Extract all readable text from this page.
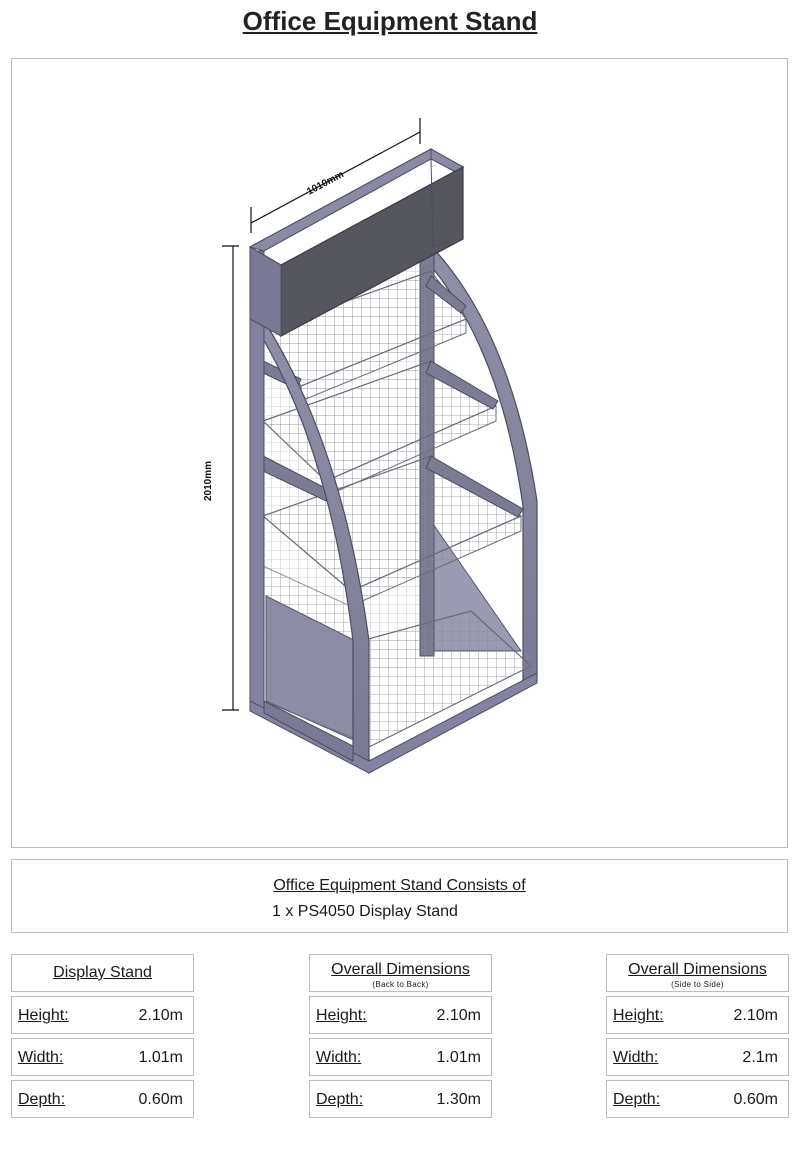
Office Equipment Stand
1010mm
2010mm
Office Equipment Stand Consists of
1 x PS4050 Display Stand
Display Stand
Height:	2.10m
Width:	1.01m
Depth:	0.60m
Overall Dimensions
(Back to Back)
Height:	2.10m
Width:	1.01m
Depth:	1.30m
Overall Dimensions
(Side to Side)
Height:	2.10m
Width:	2.1m
Depth:	0.60m
